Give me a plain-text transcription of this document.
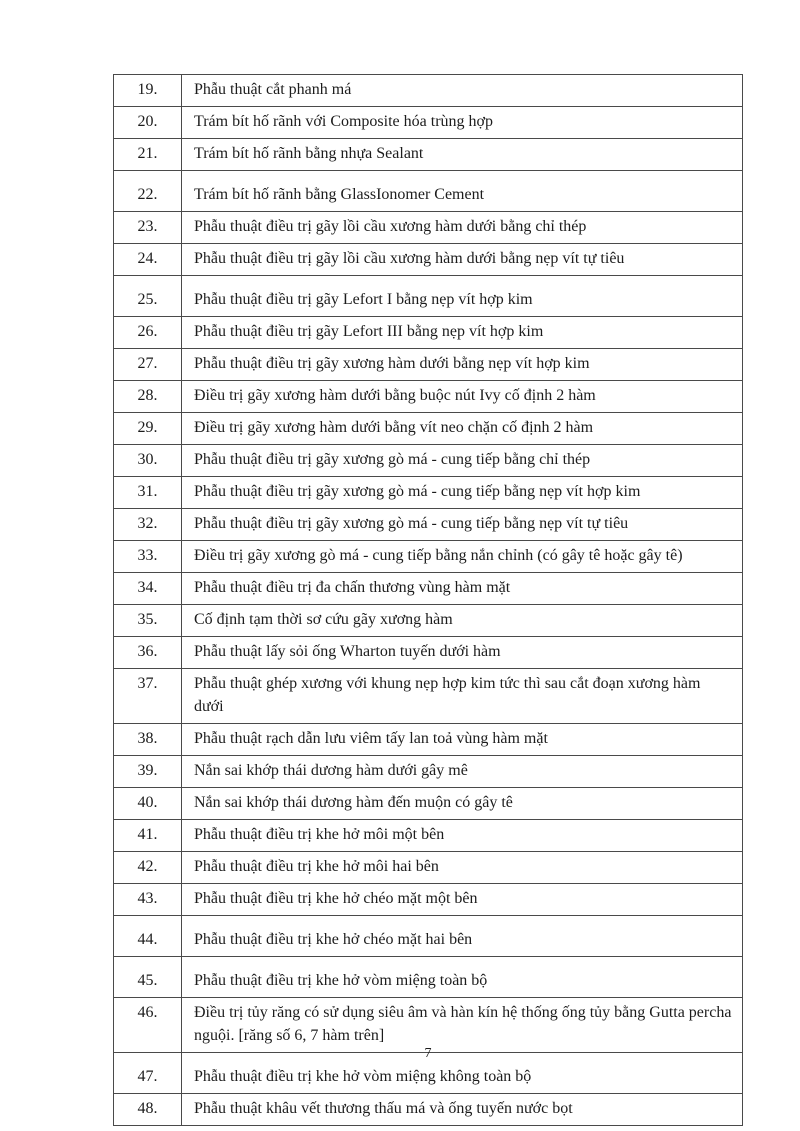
19.	Phẫu thuật cắt phanh má
20.	Trám bít hố rãnh với Composite hóa trùng hợp
21.	Trám bít hố rãnh bằng nhựa Sealant
22.	Trám bít hố rãnh bằng GlassIonomer Cement
23.	Phẫu thuật điều trị gãy lồi cầu xương hàm dưới bằng chỉ thép
24.	Phẫu thuật điều trị gãy lồi cầu xương hàm dưới bằng nẹp vít tự tiêu
25.	Phẫu thuật điều trị gãy Lefort I bằng nẹp vít hợp kim
26.	Phẫu thuật điều trị gãy Lefort III bằng nẹp vít hợp kim
27.	Phẫu thuật điều trị gãy xương hàm dưới bằng nẹp vít hợp kim
28.	Điều trị gãy xương hàm dưới bằng buộc nút Ivy cố định 2 hàm
29.	Điều trị gãy xương hàm dưới bằng vít neo chặn cố định 2 hàm
30.	Phẫu thuật điều trị gãy xương gò má - cung tiếp bằng chỉ thép
31.	Phẫu thuật điều trị gãy xương gò má - cung tiếp bằng nẹp vít hợp kim
32.	Phẫu thuật điều trị gãy xương gò má - cung tiếp bằng nẹp vít tự tiêu
33.	Điều trị gãy xương gò má - cung tiếp bằng nắn chỉnh (có gây tê hoặc gây tê)
34.	Phẫu thuật điều trị đa chấn thương vùng hàm mặt
35.	Cố định tạm thời sơ cứu gãy xương hàm
36.	Phẫu thuật lấy sỏi ống Wharton tuyến dưới hàm
37.	Phẫu thuật ghép xương với khung nẹp hợp kim tức thì sau cắt đoạn xương hàm dưới
38.	Phẫu thuật rạch dẫn lưu viêm tấy lan toả vùng hàm mặt
39.	Nắn sai khớp thái dương hàm dưới gây mê
40.	Nắn sai khớp thái dương hàm đến muộn có gây tê
41.	Phẫu thuật điều trị khe hở môi một bên
42.	Phẫu thuật điều trị khe hở môi hai bên
43.	Phẫu thuật điều trị khe hở chéo mặt một bên
44.	Phẫu thuật điều trị khe hở chéo mặt hai bên
45.	Phẫu thuật điều trị khe hở vòm miệng toàn bộ
46.	Điều trị tủy răng có sử dụng siêu âm và hàn kín hệ thống ống tủy bằng Gutta percha nguội. [răng số 6, 7 hàm trên]
47.	Phẫu thuật điều trị khe hở vòm miệng không toàn bộ
48.	Phẫu thuật khâu vết thương thấu má và ống tuyến nước bọt
7
